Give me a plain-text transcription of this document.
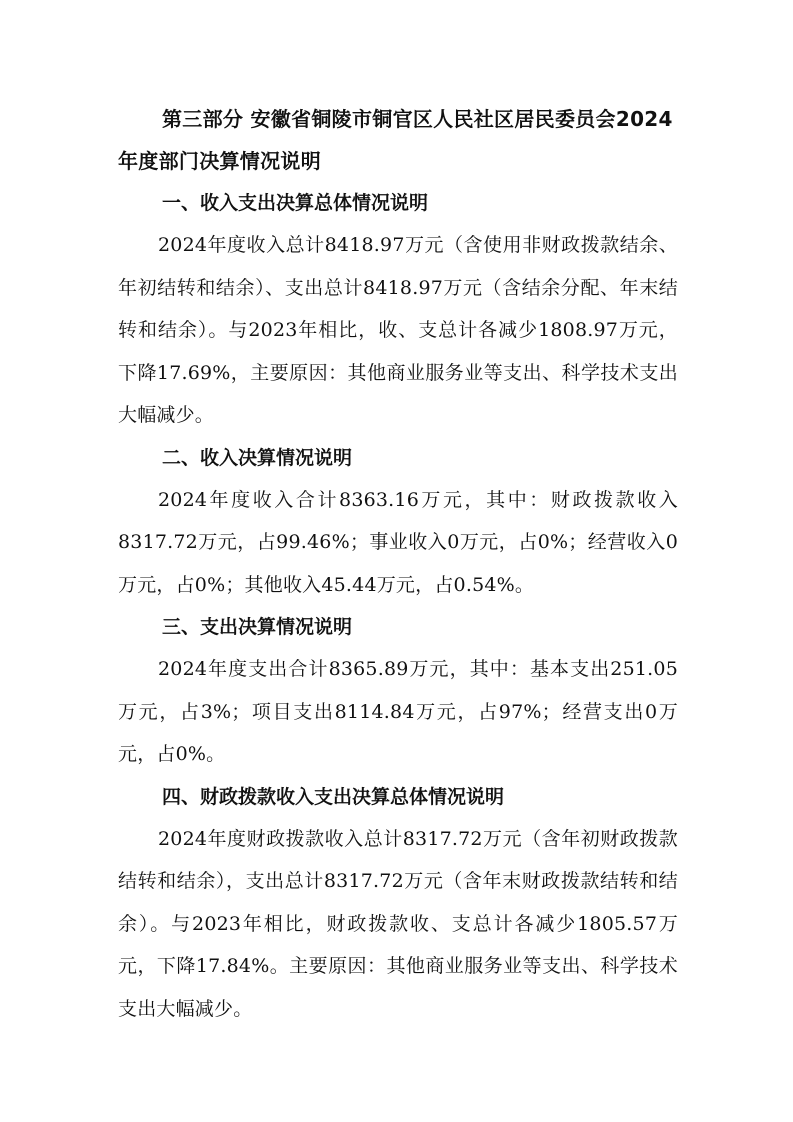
第三部分 安徽省铜陵市铜官区人民社区居民委员会2024年度部门决算情况说明

一、收入支出决算总体情况说明

2024年度收入总计8418.97万元（含使用非财政拨款结余、年初结转和结余）、支出总计8418.97万元（含结余分配、年末结转和结余）。与2023年相比，收、支总计各减少1808.97万元，下降17.69%，主要原因：其他商业服务业等支出、科学技术支出大幅减少。

二、收入决算情况说明

2024年度收入合计8363.16万元，其中：财政拨款收入8317.72万元，占99.46%；事业收入0万元，占0%；经营收入0万元，占0%；其他收入45.44万元，占0.54%。

三、支出决算情况说明

2024年度支出合计8365.89万元，其中：基本支出251.05万元，占3%；项目支出8114.84万元，占97%；经营支出0万元，占0%。

四、财政拨款收入支出决算总体情况说明

2024年度财政拨款收入总计8317.72万元（含年初财政拨款结转和结余），支出总计8317.72万元（含年末财政拨款结转和结余）。与2023年相比，财政拨款收、支总计各减少1805.57万元，下降17.84%。主要原因：其他商业服务业等支出、科学技术支出大幅减少。
